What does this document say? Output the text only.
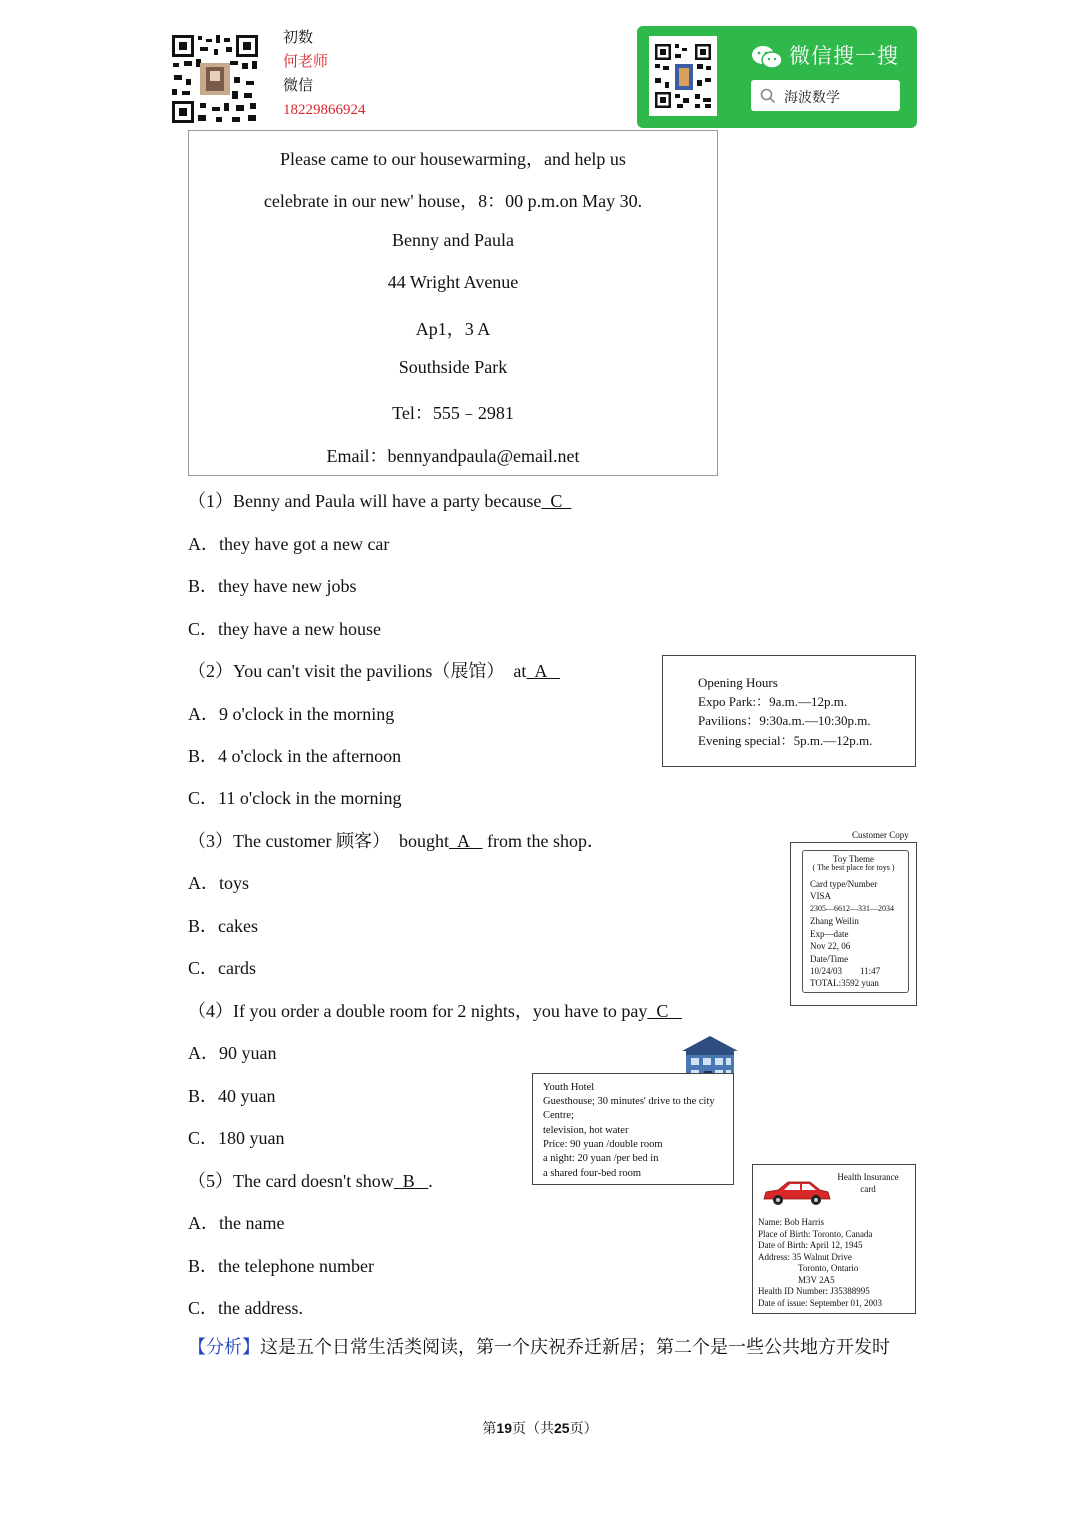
初数
何老师
微信
18229866924
微信搜一搜
海波数学
Please came to our housewarming，and help us
celebrate in our new' house，8：00 p.m.on May 30.
Benny and Paula
44 Wright Avenue
Ap1，3 A
Southside Park
Tel：555﹣2981
Email：bennyandpaula@email.net
（1）Benny and Paula will have a party because  C
A．they have got a new car
B．they have new jobs
C．they have a new house
（2）You can't visit the pavilions（展馆）  at  A
A．9 o'clock in the morning
B．4 o'clock in the afternoon
C．11 o'clock in the morning
Opening Hours
Expo Park:：9a.m.—12p.m.
Pavilions：9:30a.m.—10:30p.m.
Evening special：5p.m.—12p.m.
（3）The customer 顾客）  bought  A    from the shop．
A．toys
B．cakes
C．cards
Customer Copy
Toy Theme
( The best place for toys )
Card type/Number
VISA
2305—6612—331—2034
Zhang Weilin
Exp—date
Nov 22, 06
Date/Time
10/24/03        11:47
TOTAL:3592 yuan
（4）If you order a double room for 2 nights，you have to pay  C
A．90 yuan
B．40 yuan
C．180 yuan
Youth Hotel
Guesthouse; 30 minutes' drive to the city
Centre;
television, hot water
Price: 90 yuan /double room
a night: 20 yuan /per bed in
a shared four-bed room
（5）The card doesn't show  B   .
A．the name
B．the telephone number
C．the address.
Health Insurance
card
Name: Bob Harris
Place of Birth: Toronto, Canada
Date of Birth: April 12, 1945
Address: 35 Walnut Drive
Toronto, Ontario
M3V 2A5
Health ID Number: J35388995
Date of issue: September 01, 2003
【分析】这是五个日常生活类阅读，第一个庆祝乔迁新居；第二个是一些公共地方开发时
第19页（共25页）
